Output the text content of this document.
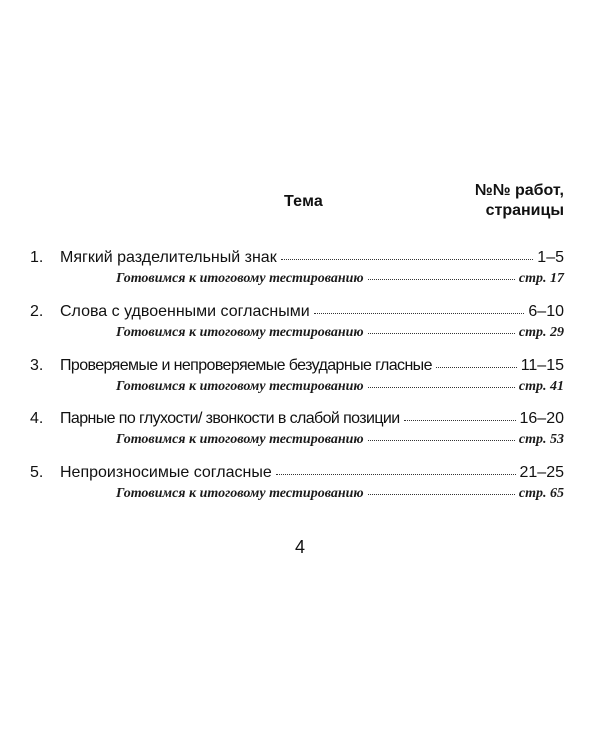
Тема
№№ работ,
страницы
1.	Мягкий разделительный знак	1–5
Готовимся к итоговому тестированию	стр. 17
2.	Слова с удвоенными согласными	6–10
Готовимся к итоговому тестированию	стр. 29
3.	Проверяемые и непроверяемые безударные гласные	11–15
Готовимся к итоговому тестированию	стр. 41
4.	Парные по глухости/ звонкости в слабой позиции	16–20
Готовимся к итоговому тестированию	стр. 53
5.	Непроизносимые согласные	21–25
Готовимся к итоговому тестированию	стр. 65
4
